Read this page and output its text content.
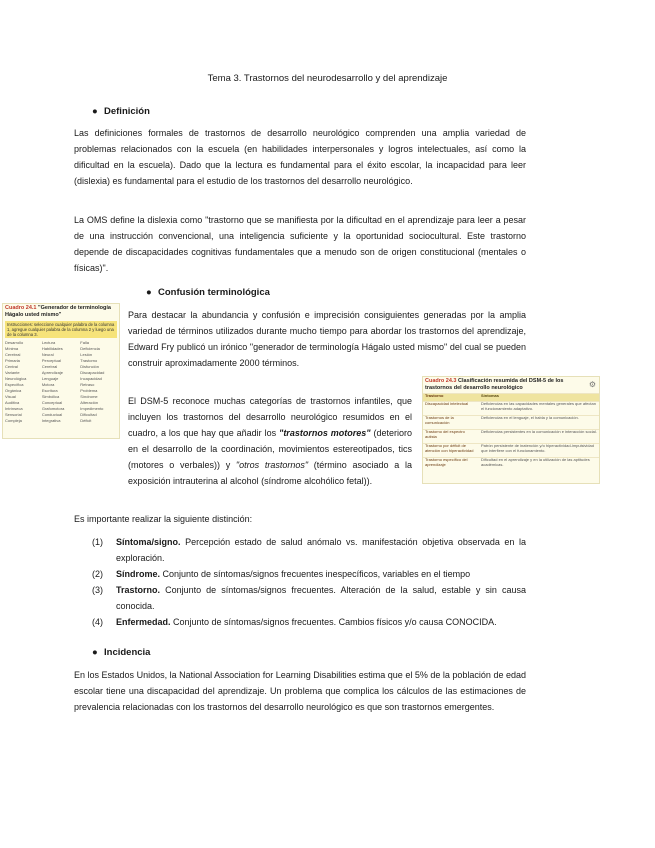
Tema 3. Trastornos del neurodesarrollo y del aprendizaje
● Definición

Las definiciones formales de trastornos de desarrollo neurológico comprenden una amplia variedad de problemas relacionados con la escuela (en habilidades interpersonales y logros intelectuales, así como la dificultad en la escuela). Dado que la lectura es fundamental para el éxito escolar, la incapacidad para leer (dislexia) es fundamental para el estudio de los trastornos del desarrollo neurológico.

La OMS define la dislexia como "trastorno que se manifiesta por la dificultad en el aprendizaje para leer a pesar de una instrucción convencional, una inteligencia suficiente y la oportunidad sociocultural. Este trastorno depende de discapacidades cognitivas fundamentales que a menudo son de origen constitucional (mentales o físicas)".

● Confusión terminológica
Cuadro 24.1 "Generador de terminología Hágalo usted mismo"
Instrucciones: seleccione cualquier palabra de la columna 1, agregue cualquier palabra de la columna 2 y luego una de la columna 3.
Desarrollo	Lectura	Falla
Mínima	Habilidades	Deficiencia
Cerebral	Neural	Lesión
Primaria	Perceptual	Trastorno
Central	Cerebral	Disfunción
Variante	Aprendizaje	Discapacidad
Neurológica	Lenguaje	Incapacidad
Específica	Motora	Retraso
Orgánica	Escritura	Problema
Visual	Simbólica	Síndrome
Auditiva	Conceptual	Alteración
Intrínseca	Grafomotora	Impedimento
Sensorial	Conductual	Dificultad
Compleja	Integrativa	Déficit

Para destacar la abundancia y confusión e imprecisión consiguientes generadas por la amplia variedad de términos utilizados durante mucho tiempo para abordar los trastornos del aprendizaje, Edward Fry publicó un irónico "generador de terminología Hágalo usted mismo" del cual se pueden construir aproximadamente 2000 términos.

⚙
Cuadro 24.3 Clasificación resumida del DSM-5 de los trastornos del desarrollo neurológico
Trastorno	Síntomas
Discapacidad intelectual	Deficiencias en las capacidades mentales generales que afectan el funcionamiento adaptativo.
Trastornos de la comunicación	Deficiencias en el lenguaje, el habla y la comunicación.
Trastorno del espectro autista	Deficiencias persistentes en la comunicación e interacción social.
Trastorno por déficit de atención con hiperactividad	Patrón persistente de inatención y/o hiperactividad-impulsividad que interfiere con el funcionamiento.
Trastorno específico del aprendizaje	Dificultad en el aprendizaje y en la utilización de las aptitudes académicas.

El DSM-5 reconoce muchas categorías de trastornos infantiles, que incluyen los trastornos del desarrollo neurológico resumidos en el cuadro, a los que hay que añadir los "trastornos motores" (deterioro en el desarrollo de la coordinación, movimientos estereotipados, tics (motores o verbales)) y "otros trastornos" (término asociado a la exposición intrauterina al alcohol (síndrome alcohólico fetal)).

Es importante realizar la siguiente distinción:

(1) Síntoma/signo. Percepción estado de salud anómalo vs. manifestación objetiva observada en la exploración.
(2) Síndrome. Conjunto de síntomas/signos frecuentes inespecíficos, variables en el tiempo
(3) Trastorno. Conjunto de síntomas/signos frecuentes. Alteración de la salud, estable y sin causa conocida.
(4) Enfermedad. Conjunto de síntomas/signos frecuentes. Cambios físicos y/o causa CONOCIDA.
● Incidencia

En los Estados Unidos, la National Association for Learning Disabilities estima que el 5% de la población de edad escolar tiene una discapacidad del aprendizaje. Un problema que complica los cálculos de las estimaciones de prevalencia relacionadas con los trastornos del desarrollo neurológico es que son trastornos emergentes.
